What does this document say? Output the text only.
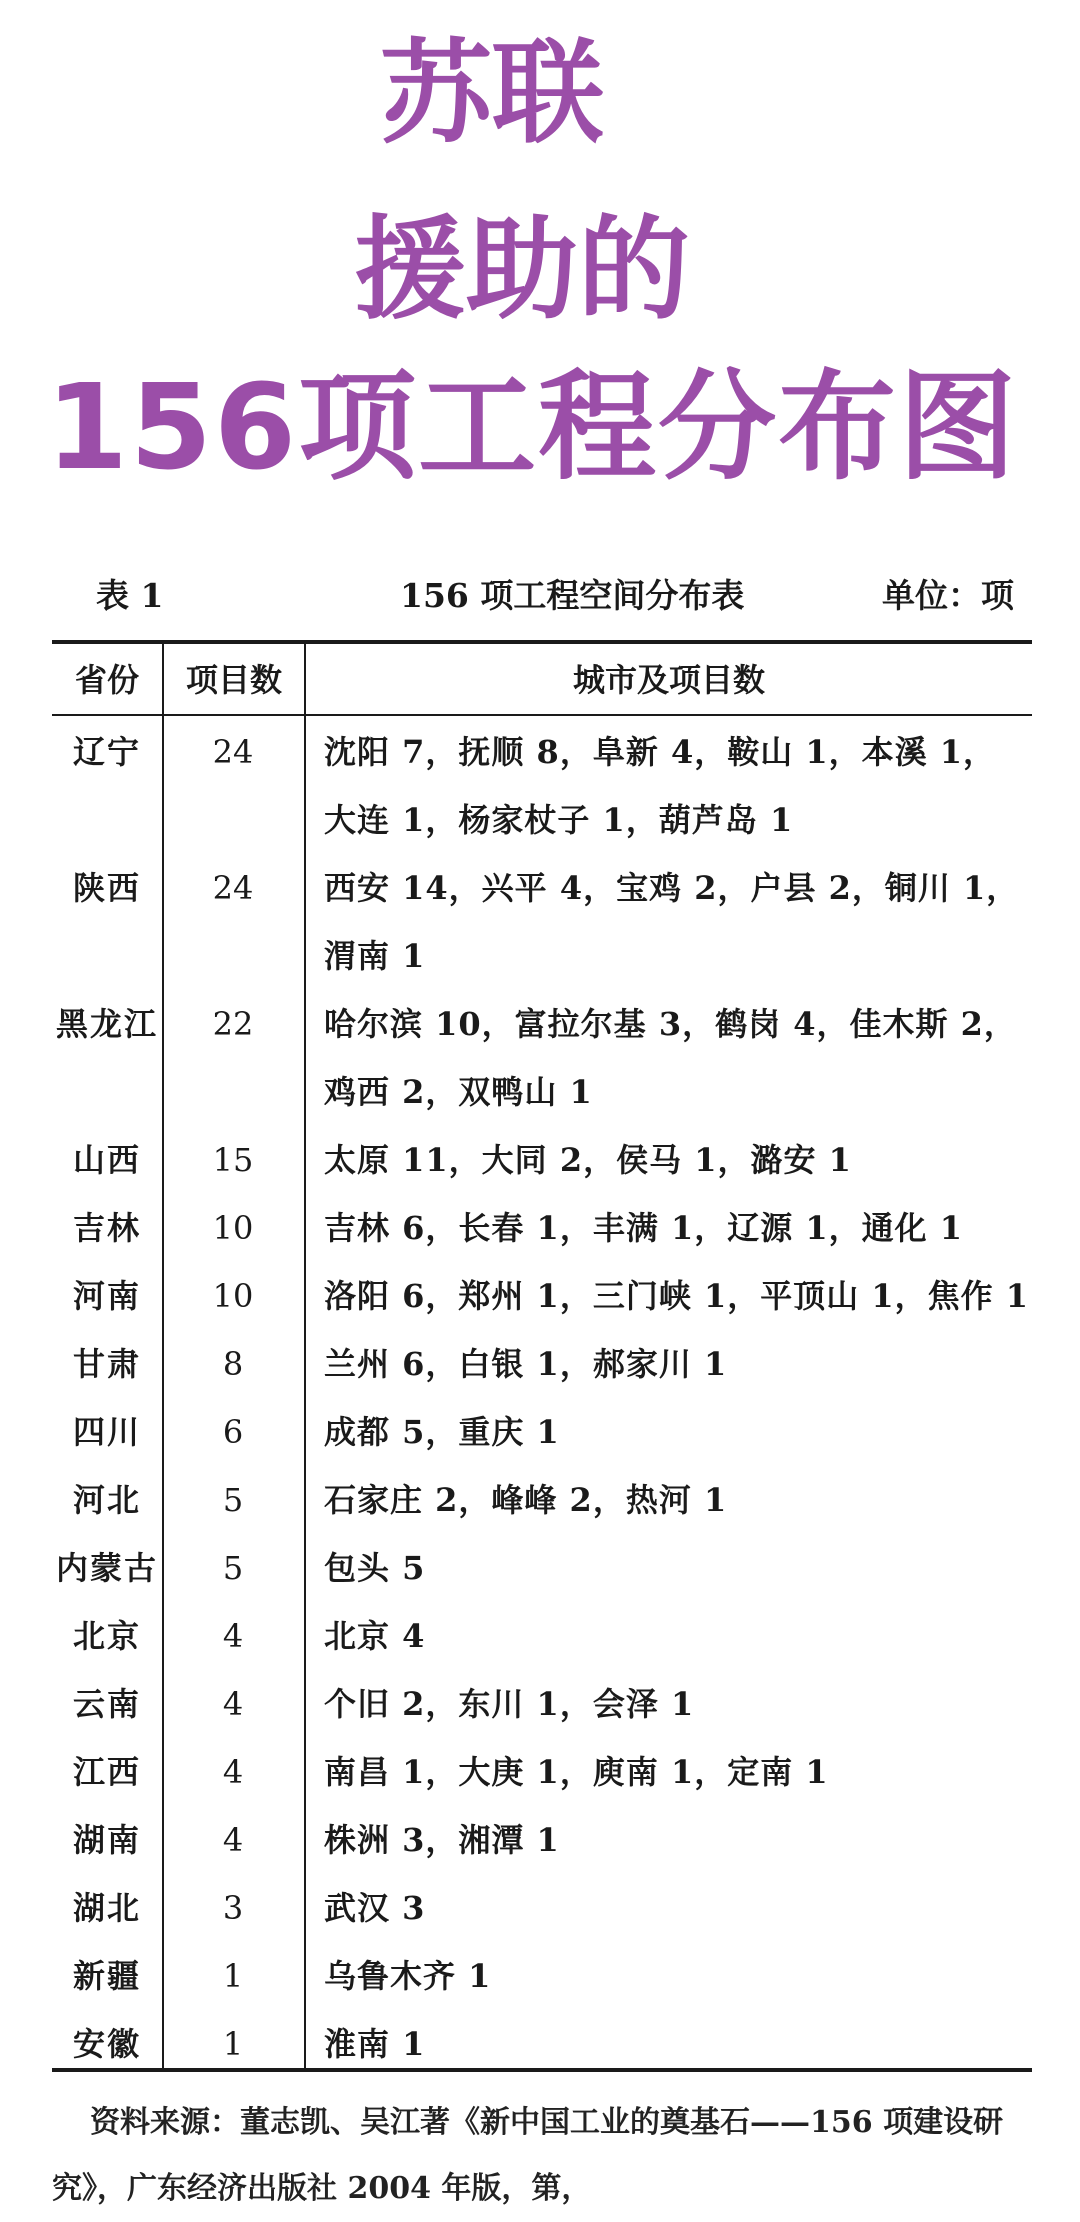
苏联
援助的
156项工程分布图
表 1	156 项工程空间分布表	单位：项
省份	项目数	城市及项目数
辽宁	24	沈阳 7，抚顺 8，阜新 4，鞍山 1，本溪 1，
大连 1，杨家杖子 1，葫芦岛 1
陕西	24	西安 14，兴平 4，宝鸡 2，户县 2，铜川 1，
渭南 1
黑龙江	22	哈尔滨 10，富拉尔基 3，鹤岗 4，佳木斯 2，
鸡西 2，双鸭山 1
山西	15	太原 11，大同 2，侯马 1，潞安 1
吉林	10	吉林 6，长春 1，丰满 1，辽源 1，通化 1
河南	10	洛阳 6，郑州 1，三门峡 1，平顶山 1，焦作 1
甘肃	8	兰州 6，白银 1，郝家川 1
四川	6	成都 5，重庆 1
河北	5	石家庄 2，峰峰 2，热河 1
内蒙古	5	包头 5
北京	4	北京 4
云南	4	个旧 2，东川 1，会泽 1
江西	4	南昌 1，大庚 1，庾南 1，定南 1
湖南	4	株洲 3，湘潭 1
湖北	3	武汉 3
新疆	1	乌鲁木齐 1
安徽	1	淮南 1
资料来源：董志凯、吴江著《新中国工业的奠基石——156 项建设研究》，广东经济出版社 2004 年版，第，
